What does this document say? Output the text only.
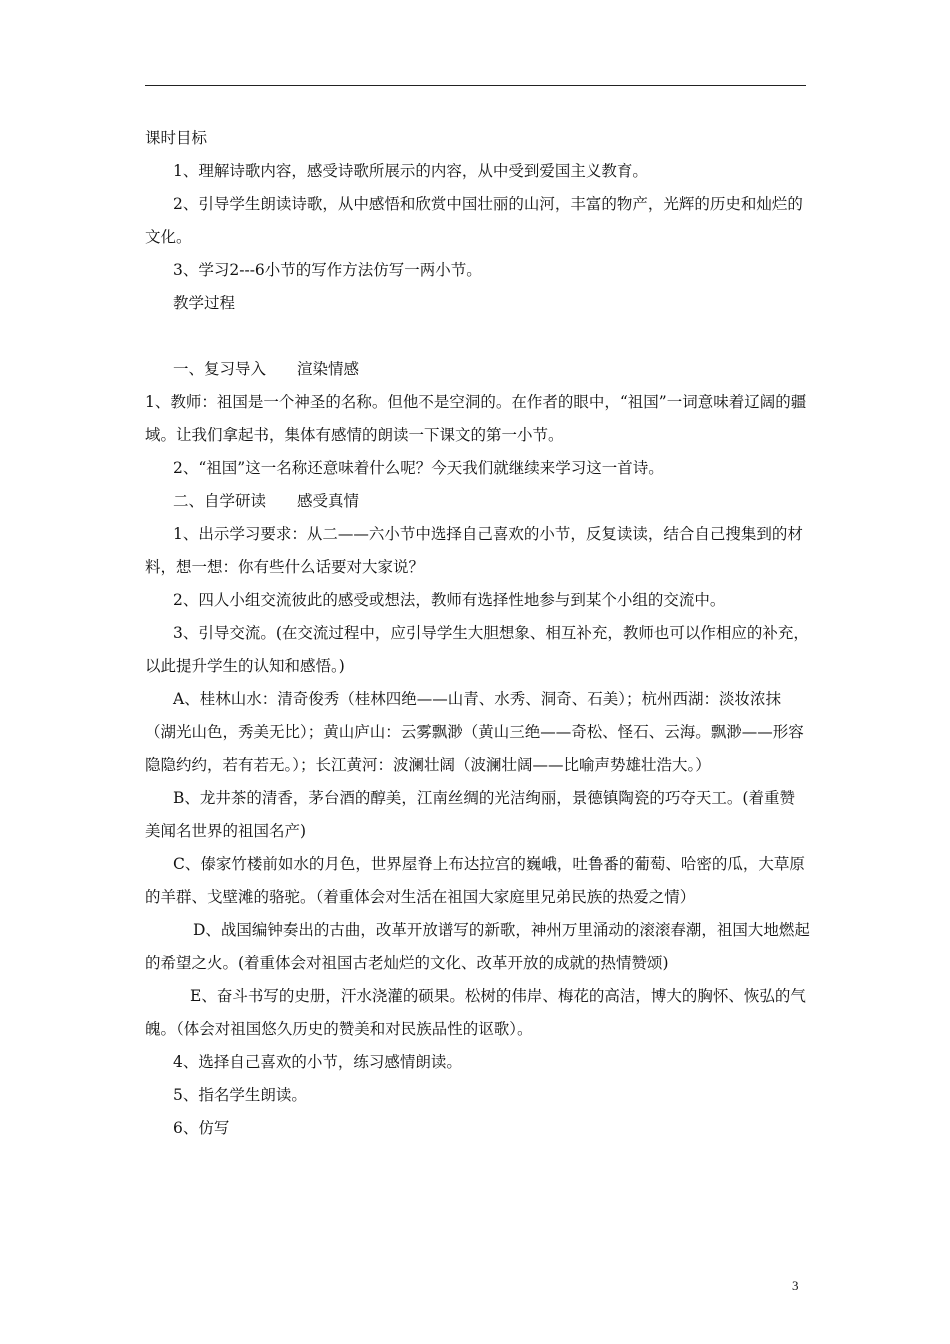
课时目标

1、理解诗歌内容，感受诗歌所展示的内容，从中受到爱国主义教育。

2、引导学生朗读诗歌，从中感悟和欣赏中国壮丽的山河，丰富的物产，光辉的历史和灿烂的文化。

3、学习2---6小节的写作方法仿写一两小节。

教学过程

一、复习导入　　渲染情感

1、教师：祖国是一个神圣的名称。但他不是空洞的。在作者的眼中，“祖国”一词意味着辽阔的疆域。让我们拿起书，集体有感情的朗读一下课文的第一小节。

2、“祖国”这一名称还意味着什么呢？今天我们就继续来学习这一首诗。

二、自学研读　　感受真情

1、出示学习要求：从二——六小节中选择自己喜欢的小节，反复读读，结合自己搜集到的材料，想一想：你有些什么话要对大家说？

2、四人小组交流彼此的感受或想法，教师有选择性地参与到某个小组的交流中。

3、引导交流。(在交流过程中，应引导学生大胆想象、相互补充，教师也可以作相应的补充，以此提升学生的认知和感悟。)

A、桂林山水：清奇俊秀（桂林四绝——山青、水秀、洞奇、石美）；杭州西湖：淡妆浓抹（湖光山色，秀美无比）；黄山庐山：云雾飘渺（黄山三绝——奇松、怪石、云海。飘渺——形容隐隐约约，若有若无。）；长江黄河：波澜壮阔（波澜壮阔——比喻声势雄壮浩大。）

B、龙井茶的清香，茅台酒的醇美，江南丝绸的光洁绚丽，景德镇陶瓷的巧夺天工。(着重赞美闻名世界的祖国名产)

C、傣家竹楼前如水的月色，世界屋脊上布达拉宫的巍峨，吐鲁番的葡萄、哈密的瓜，大草原的羊群、戈壁滩的骆驼。（着重体会对生活在祖国大家庭里兄弟民族的热爱之情）

D、战国编钟奏出的古曲，改革开放谱写的新歌，神州万里涌动的滚滚春潮，祖国大地燃起的希望之火。(着重体会对祖国古老灿烂的文化、改革开放的成就的热情赞颂)

E、奋斗书写的史册，汗水浇灌的硕果。松树的伟岸、梅花的高洁，博大的胸怀、恢弘的气魄。（体会对祖国悠久历史的赞美和对民族品性的讴歌）。

4、选择自己喜欢的小节，练习感情朗读。

5、指名学生朗读。

6、仿写

3
